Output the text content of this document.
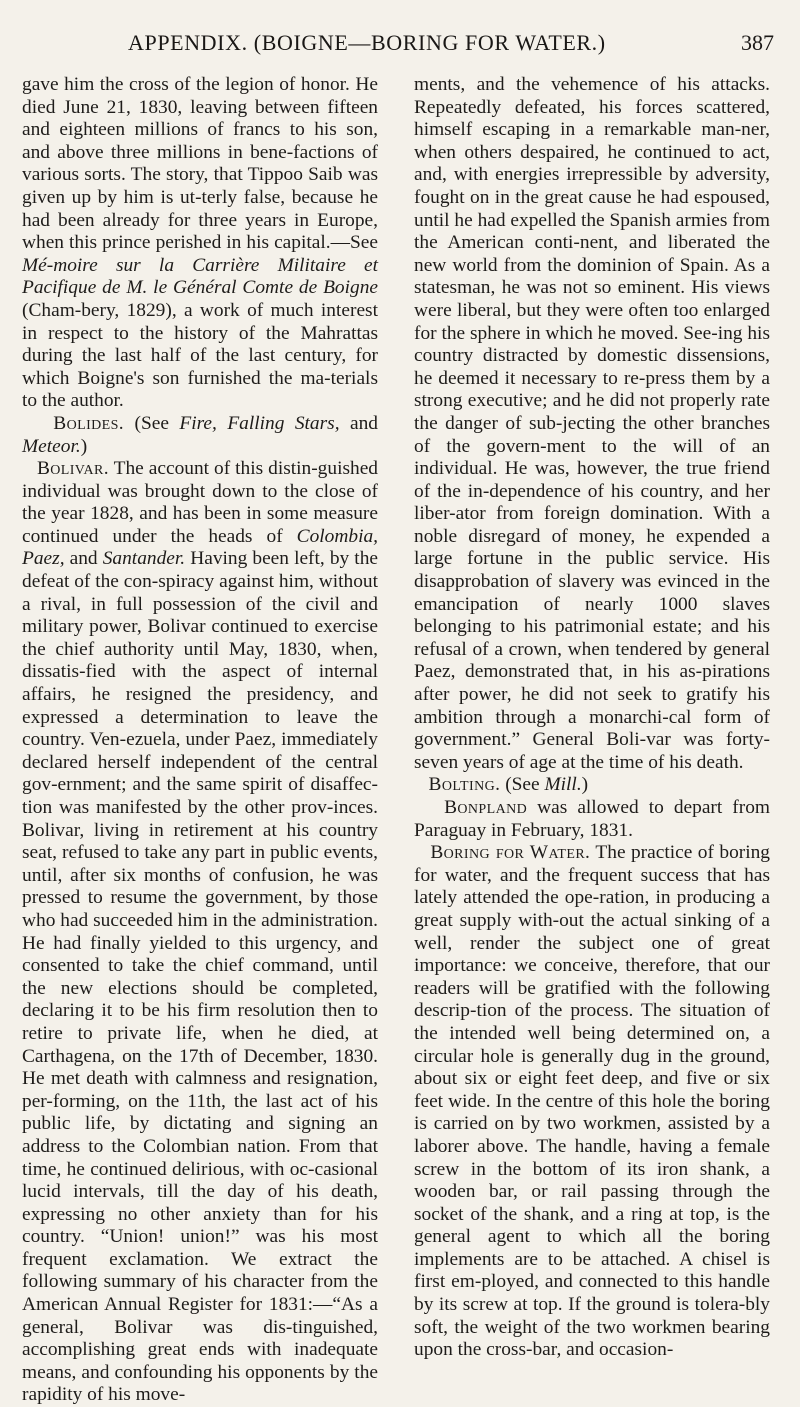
APPENDIX. (BOIGNE—BORING FOR WATER.)	387

gave him the cross of the legion of honor. He died June 21, 1830, leaving between fifteen and eighteen millions of francs to his son, and above three millions in bene-factions of various sorts. The story, that Tippoo Saib was given up by him is ut-terly false, because he had been already for three years in Europe, when this prince perished in his capital.—See Mé-moire sur la Carrière Militaire et Pacifique de M. le Général Comte de Boigne (Cham-bery, 1829), a work of much interest in respect to the history of the Mahrattas during the last half of the last century, for which Boigne's son furnished the ma-terials to the author.

Bolides. (See Fire, Falling Stars, and Meteor.)

Bolivar. The account of this distin-guished individual was brought down to the close of the year 1828, and has been in some measure continued under the heads of Colombia, Paez, and Santander. Having been left, by the defeat of the con-spiracy against him, without a rival, in full possession of the civil and military power, Bolivar continued to exercise the chief authority until May, 1830, when, dissatis-fied with the aspect of internal affairs, he resigned the presidency, and expressed a determination to leave the country. Ven-ezuela, under Paez, immediately declared herself independent of the central gov-ernment; and the same spirit of disaffec-tion was manifested by the other prov-inces. Bolivar, living in retirement at his country seat, refused to take any part in public events, until, after six months of confusion, he was pressed to resume the government, by those who had succeeded him in the administration. He had finally yielded to this urgency, and consented to take the chief command, until the new elections should be completed, declaring it to be his firm resolution then to retire to private life, when he died, at Carthagena, on the 17th of December, 1830. He met death with calmness and resignation, per-forming, on the 11th, the last act of his public life, by dictating and signing an address to the Colombian nation. From that time, he continued delirious, with oc-casional lucid intervals, till the day of his death, expressing no other anxiety than for his country. “Union! union!” was his most frequent exclamation. We extract the following summary of his character from the American Annual Register for 1831:—“As a general, Bolivar was dis-tinguished, accomplishing great ends with inadequate means, and confounding his opponents by the rapidity of his move-

ments, and the vehemence of his attacks. Repeatedly defeated, his forces scattered, himself escaping in a remarkable man-ner, when others despaired, he continued to act, and, with energies irrepressible by adversity, fought on in the great cause he had espoused, until he had expelled the Spanish armies from the American conti-nent, and liberated the new world from the dominion of Spain. As a statesman, he was not so eminent. His views were liberal, but they were often too enlarged for the sphere in which he moved. See-ing his country distracted by domestic dissensions, he deemed it necessary to re-press them by a strong executive; and he did not properly rate the danger of sub-jecting the other branches of the govern-ment to the will of an individual. He was, however, the true friend of the in-dependence of his country, and her liber-ator from foreign domination. With a noble disregard of money, he expended a large fortune in the public service. His disapprobation of slavery was evinced in the emancipation of nearly 1000 slaves belonging to his patrimonial estate; and his refusal of a crown, when tendered by general Paez, demonstrated that, in his as-pirations after power, he did not seek to gratify his ambition through a monarchi-cal form of government.” General Boli-var was forty-seven years of age at the time of his death.

Bolting. (See Mill.)

Bonpland was allowed to depart from Paraguay in February, 1831.

Boring for Water. The practice of boring for water, and the frequent success that has lately attended the ope-ration, in producing a great supply with-out the actual sinking of a well, render the subject one of great importance: we conceive, therefore, that our readers will be gratified with the following descrip-tion of the process. The situation of the intended well being determined on, a circular hole is generally dug in the ground, about six or eight feet deep, and five or six feet wide. In the centre of this hole the boring is carried on by two workmen, assisted by a laborer above. The handle, having a female screw in the bottom of its iron shank, a wooden bar, or rail passing through the socket of the shank, and a ring at top, is the general agent to which all the boring implements are to be attached. A chisel is first em-ployed, and connected to this handle by its screw at top. If the ground is tolera-bly soft, the weight of the two workmen bearing upon the cross-bar, and occasion-
